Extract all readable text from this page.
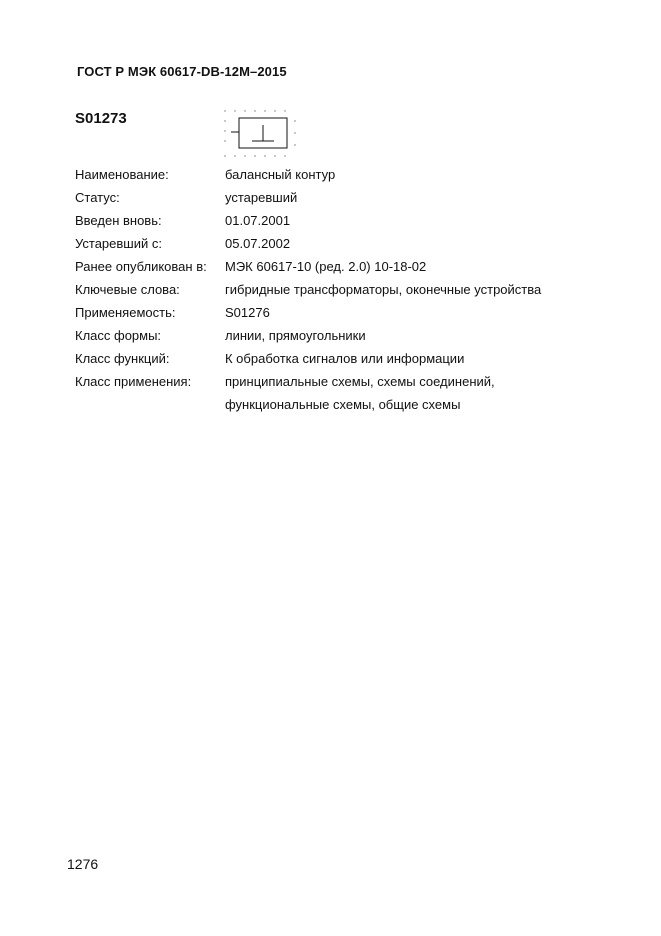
ГОСТ Р МЭК 60617-DB-12M–2015
S01273
Наименование:	балансный контур
Статус:	устаревший
Введен вновь:	01.07.2001
Устаревший с:	05.07.2002
Ранее опубликован в:	МЭК 60617-10 (ред. 2.0) 10-18-02
Ключевые слова:	гибридные трансформаторы, оконечные устройства
Применяемость:	S01276
Класс формы:	линии, прямоугольники
Класс функций:	К обработка сигналов или информации
Класс применения:	принципиальные схемы, схемы соединений,
функциональные схемы, общие схемы
1276
